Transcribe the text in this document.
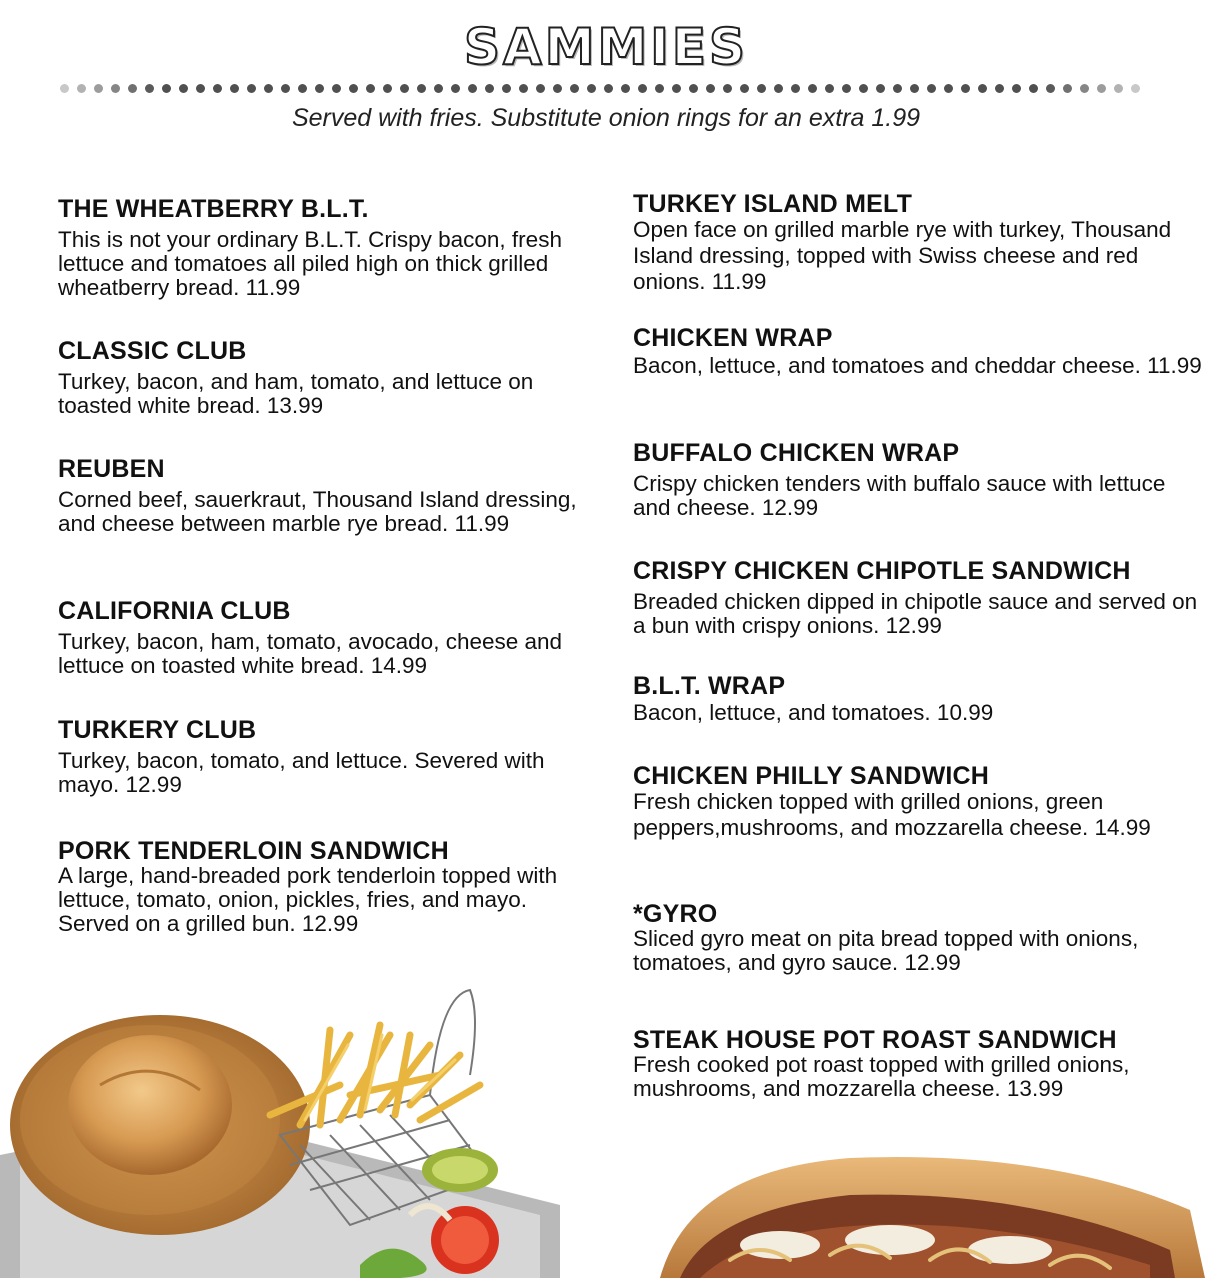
SAMMIES
Served with fries. Substitute onion rings for an extra 1.99
THE WHEATBERRY B.L.T.
This is not your ordinary B.L.T. Crispy bacon, fresh lettuce and tomatoes all piled high on thick grilled wheatberry bread. 11.99
CLASSIC CLUB
Turkey, bacon, and ham, tomato, and lettuce on toasted white bread. 13.99
REUBEN
Corned beef, sauerkraut, Thousand Island dressing, and cheese between marble rye bread. 11.99
CALIFORNIA CLUB
Turkey, bacon, ham, tomato, avocado, cheese and lettuce on toasted white bread. 14.99
TURKERY CLUB
Turkey, bacon, tomato, and lettuce. Severed with mayo. 12.99
PORK TENDERLOIN SANDWICH
A large, hand-breaded pork tenderloin topped with lettuce, tomato, onion, pickles, fries, and mayo. Served on a grilled bun. 12.99
TURKEY ISLAND MELT
Open face on grilled marble rye with turkey, Thousand Island dressing, topped with Swiss cheese and red onions. 11.99
CHICKEN WRAP
Bacon, lettuce, and tomatoes and cheddar cheese. 11.99
BUFFALO CHICKEN WRAP
Crispy chicken tenders with buffalo sauce with lettuce and cheese. 12.99
CRISPY CHICKEN CHIPOTLE SANDWICH
Breaded chicken dipped in chipotle sauce and served on a bun with crispy onions. 12.99
B.L.T. WRAP
Bacon, lettuce, and tomatoes. 10.99
CHICKEN PHILLY SANDWICH
Fresh chicken topped with grilled onions, green peppers,mushrooms, and mozzarella cheese. 14.99
*GYRO
Sliced gyro meat on pita bread topped with onions, tomatoes, and gyro sauce. 12.99
STEAK HOUSE POT ROAST SANDWICH
Fresh cooked pot roast topped with grilled onions, mushrooms, and mozzarella cheese. 13.99
